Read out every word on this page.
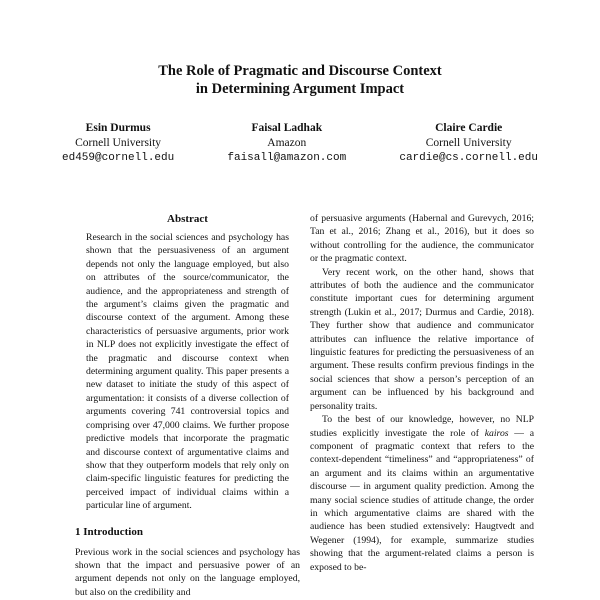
The Role of Pragmatic and Discourse Context
in Determining Argument Impact
Esin Durmus
Cornell University
ed459@cornell.edu
Faisal Ladhak
Amazon
faisall@amazon.com
Claire Cardie
Cornell University
cardie@cs.cornell.edu
Abstract

Research in the social sciences and psychology has shown that the persuasiveness of an argument depends not only the language employed, but also on attributes of the source/communicator, the audience, and the appropriateness and strength of the argument’s claims given the pragmatic and discourse context of the argument. Among these characteristics of persuasive arguments, prior work in NLP does not explicitly investigate the effect of the pragmatic and discourse context when determining argument quality. This paper presents a new dataset to initiate the study of this aspect of argumentation: it consists of a diverse collection of arguments covering 741 controversial topics and comprising over 47,000 claims. We further propose predictive models that incorporate the pragmatic and discourse context of argumentative claims and show that they outperform models that rely only on claim-specific linguistic features for predicting the perceived impact of individual claims within a particular line of argument.

1 Introduction

Previous work in the social sciences and psychology has shown that the impact and persuasive power of an argument depends not only on the language employed, but also on the credibility and

of persuasive arguments (Habernal and Gurevych, 2016; Tan et al., 2016; Zhang et al., 2016), but it does so without controlling for the audience, the communicator or the pragmatic context.

Very recent work, on the other hand, shows that attributes of both the audience and the communicator constitute important cues for determining argument strength (Lukin et al., 2017; Durmus and Cardie, 2018). They further show that audience and communicator attributes can influence the relative importance of linguistic features for predicting the persuasiveness of an argument. These results confirm previous findings in the social sciences that show a person’s perception of an argument can be influenced by his background and personality traits.

To the best of our knowledge, however, no NLP studies explicitly investigate the role of kairos — a component of pragmatic context that refers to the context-dependent “timeliness” and “appropriateness” of an argument and its claims within an argumentative discourse — in argument quality prediction. Among the many social science studies of attitude change, the order in which argumentative claims are shared with the audience has been studied extensively: Haugtvedt and Wegener (1994), for example, summarize studies showing that the argument-related claims a person is exposed to be-
